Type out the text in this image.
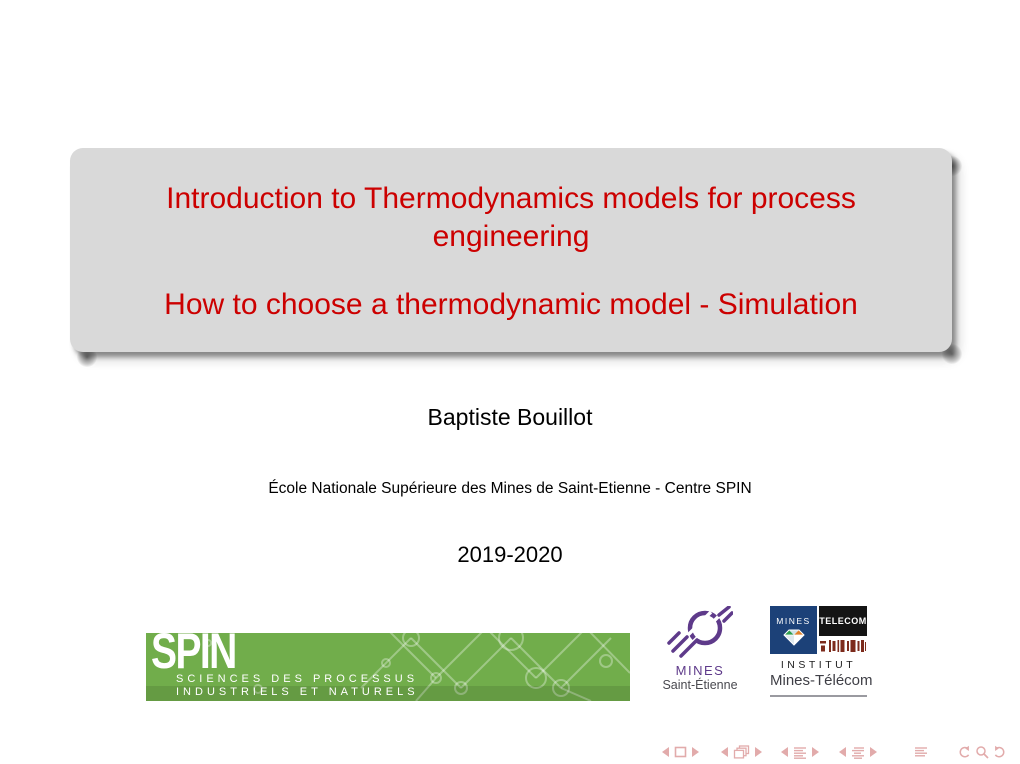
Introduction to Thermodynamics models for process engineering
How to choose a thermodynamic model - Simulation
Baptiste Bouillot
École Nationale Supérieure des Mines de Saint-Etienne - Centre SPIN
2019-2020
SPIN
SCIENCES DES PROCESSUS
INDUSTRIELS ET NATURELS
MINES
Saint-Étienne
MINES TELECOM
INSTITUT
Mines-Télécom
